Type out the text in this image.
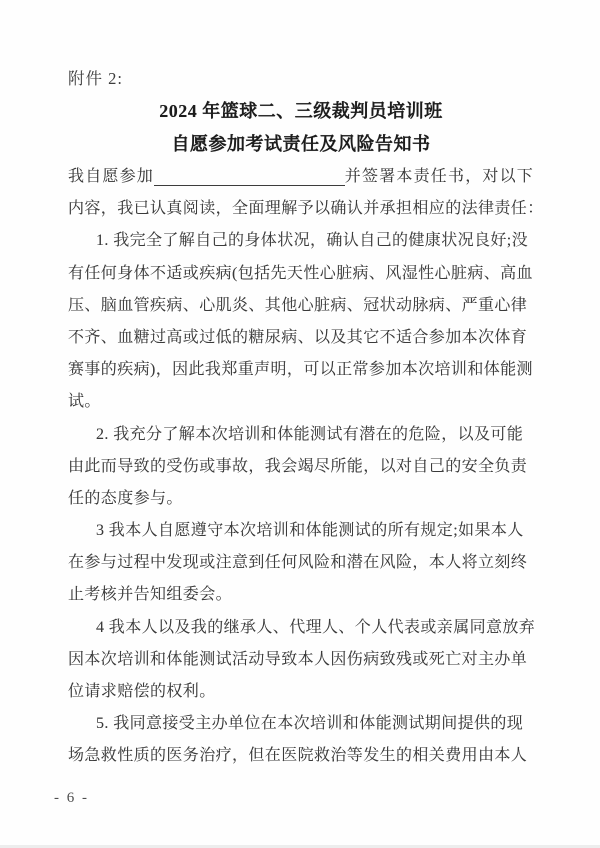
附件 2:
2024 年篮球二、三级裁判员培训班
自愿参加考试责任及风险告知书
我自愿参加	并签署本责任书，对以下
内容，我已认真阅读，全面理解予以确认并承担相应的法律责任：
1. 我完全了解自己的身体状况，确认自己的健康状况良好;没
有任何身体不适或疾病(包括先天性心脏病、风湿性心脏病、高血
压、脑血管疾病、心肌炎、其他心脏病、冠状动脉病、严重心律
不齐、血糖过高或过低的糖尿病、以及其它不适合参加本次体育
赛事的疾病)，因此我郑重声明，可以正常参加本次培训和体能测
试。
2. 我充分了解本次培训和体能测试有潜在的危险，以及可能
由此而导致的受伤或事故，我会竭尽所能，以对自己的安全负责
任的态度参与。
3 我本人自愿遵守本次培训和体能测试的所有规定;如果本人
在参与过程中发现或注意到任何风险和潜在风险，本人将立刻终
止考核并告知组委会。
4 我本人以及我的继承人、代理人、个人代表或亲属同意放弃
因本次培训和体能测试活动导致本人因伤病致残或死亡对主办单
位请求赔偿的权利。
5. 我同意接受主办单位在本次培训和体能测试期间提供的现
场急救性质的医务治疗，但在医院救治等发生的相关费用由本人
- 6 -
